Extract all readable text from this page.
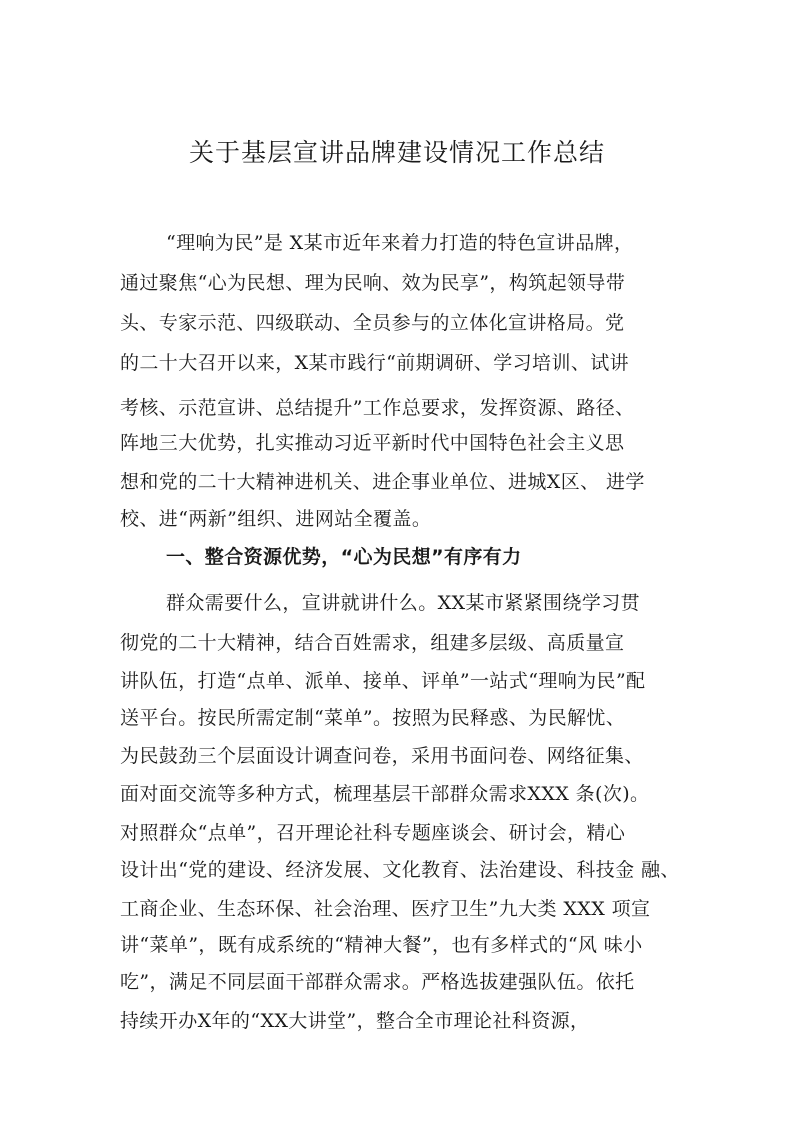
关于基层宣讲品牌建设情况工作总结
“理响为民”是 X某市近年来着力打造的特色宣讲品牌，
通过聚焦“心为民想、理为民响、效为民享”，构筑起领导带
头、专家示范、四级联动、全员参与的立体化宣讲格局。党
的二十大召开以来，X某市践行“前期调研、学习培训、试讲
考核、示范宣讲、总结提升”工作总要求，发挥资源、路径、
阵地三大优势，扎实推动习近平新时代中国特色社会主义思
想和党的二十大精神进机关、进企事业单位、进城X区、 进学
校、进“两新”组织、进网站全覆盖。
一、整合资源优势，“心为民想”有序有力
群众需要什么，宣讲就讲什么。XX某市紧紧围绕学习贯
彻党的二十大精神，结合百姓需求，组建多层级、高质量宣
讲队伍，打造“点单、派单、接单、评单”一站式“理响为民”配
送平台。按民所需定制“菜单”。按照为民释惑、为民解忧、
为民鼓劲三个层面设计调查问卷，采用书面问卷、网络征集、
面对面交流等多种方式，梳理基层干部群众需求XXX 条(次)。
对照群众“点单”，召开理论社科专题座谈会、研讨会，精心
设计出“党的建设、经济发展、文化教育、法治建设、科技金 融、
工商企业、生态环保、社会治理、医疗卫生”九大类 XXX 项宣
讲“菜单”，既有成系统的“精神大餐”，也有多样式的“风 味小
吃”，满足不同层面干部群众需求。严格选拔建强队伍。依托
持续开办X年的“XX大讲堂”，整合全市理论社科资源，
